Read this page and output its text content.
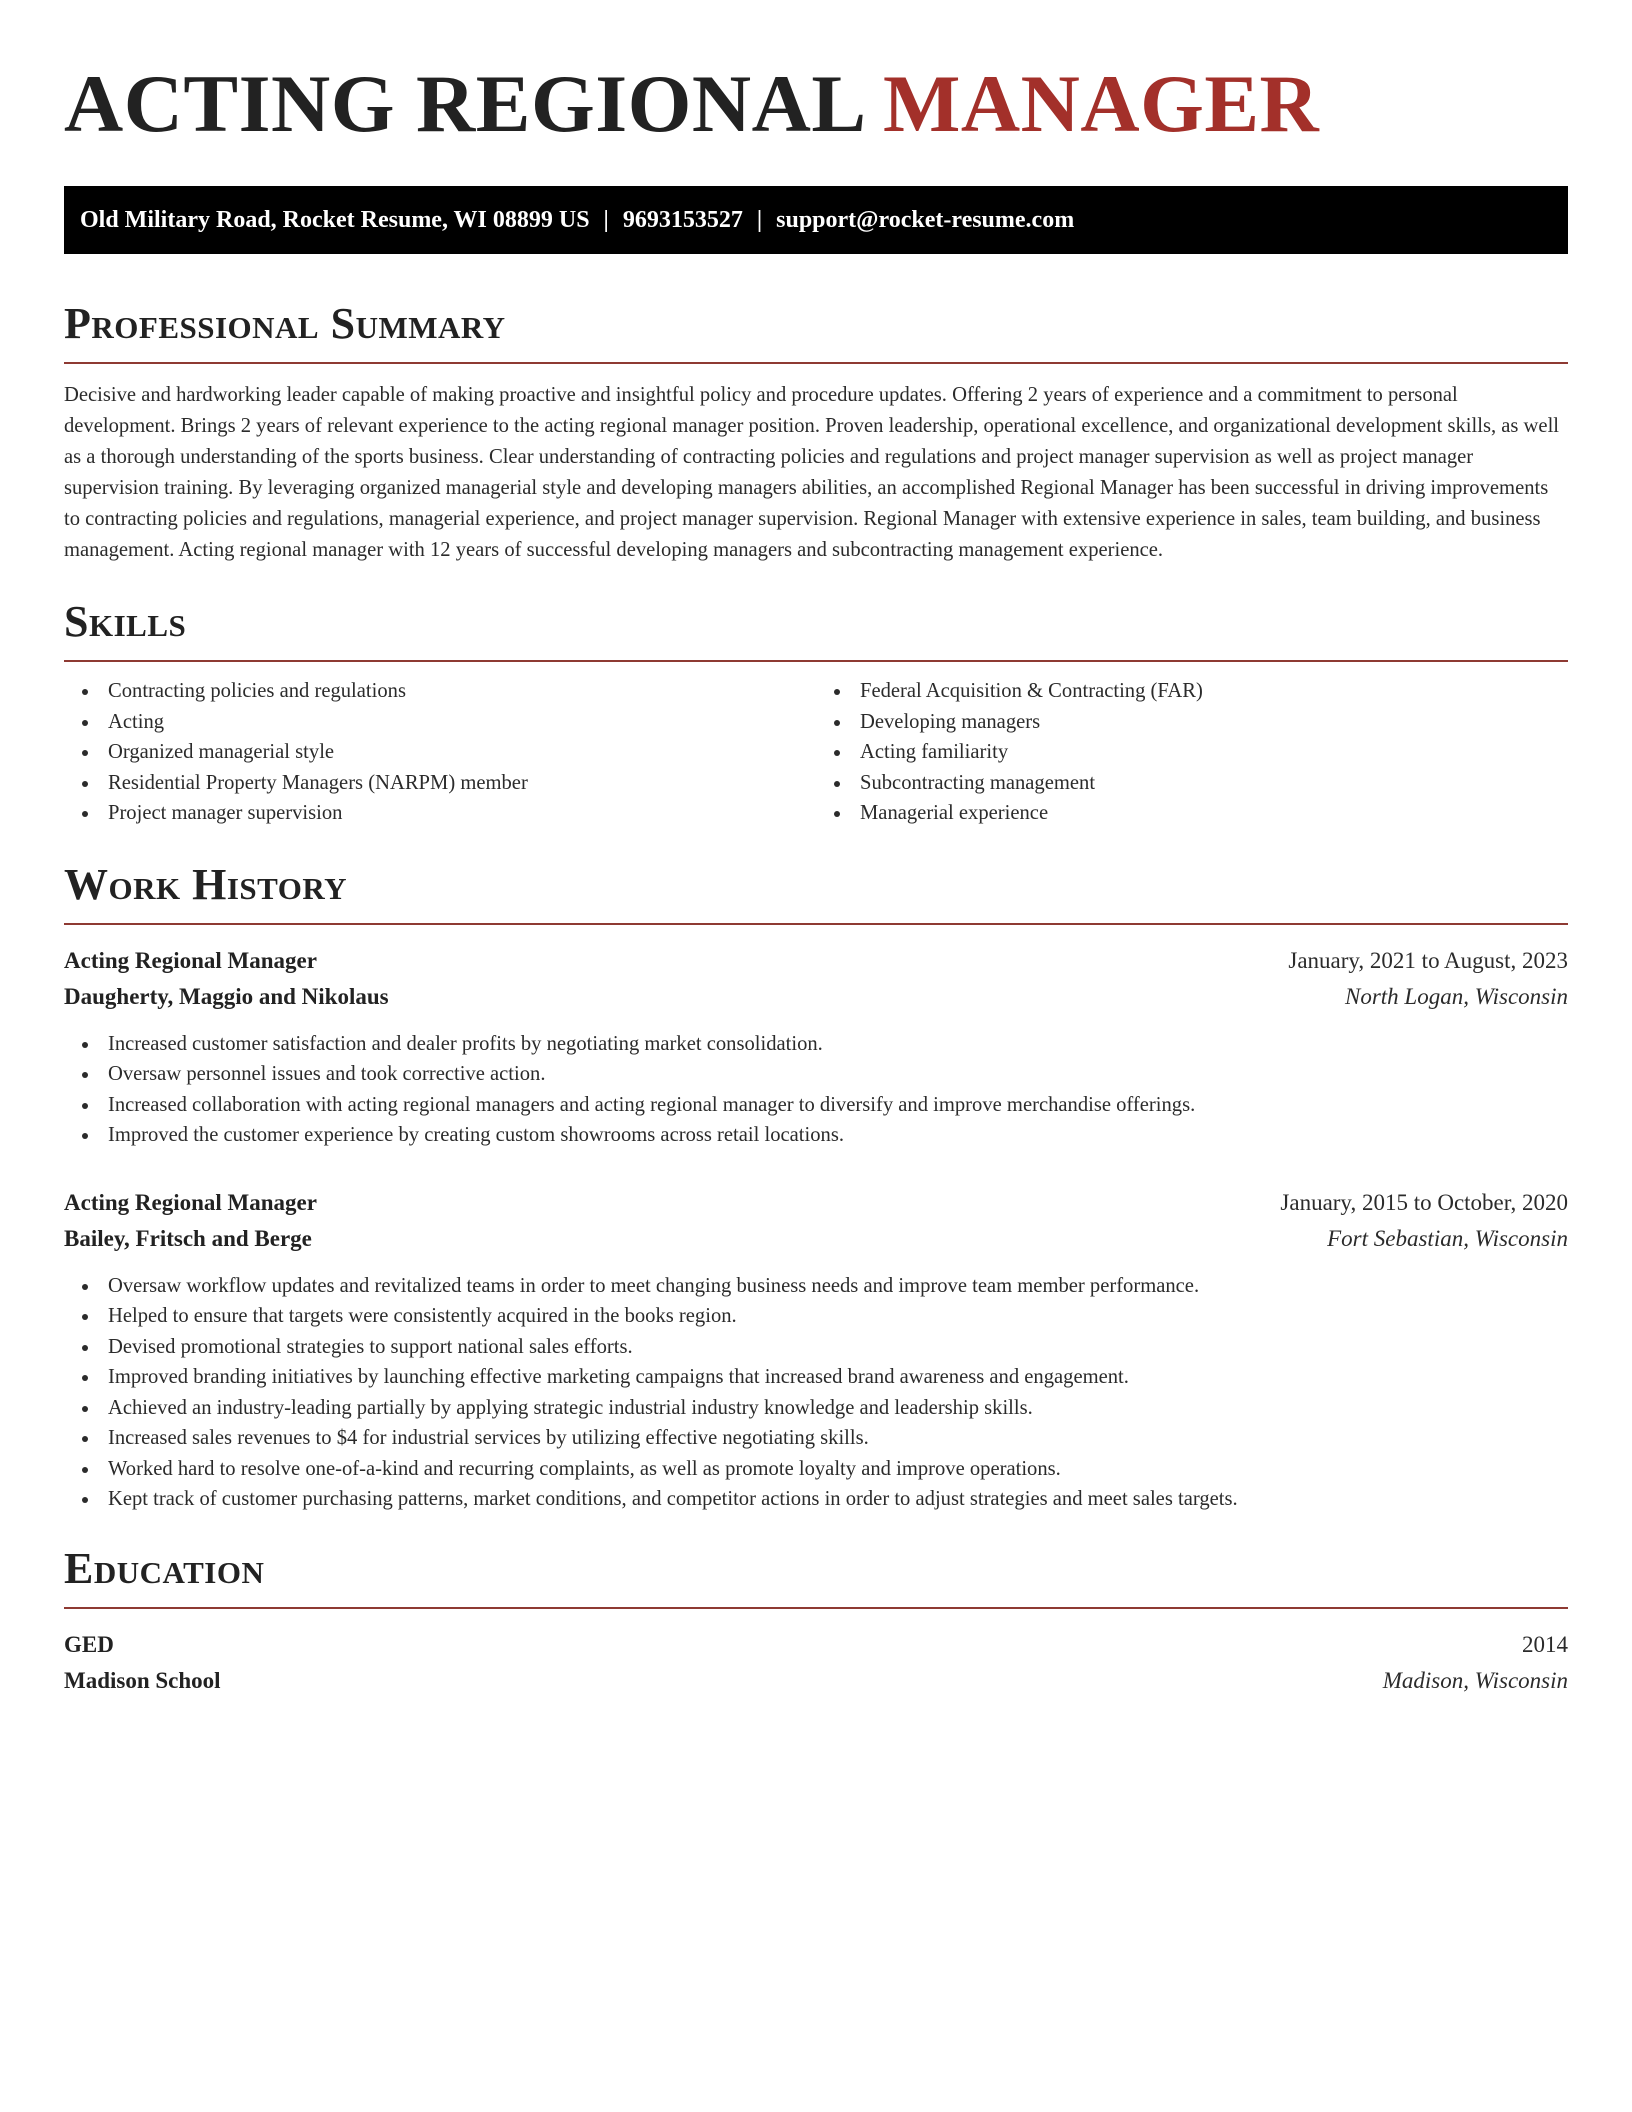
ACTING REGIONAL MANAGER
Old Military Road, Rocket Resume, WI 08899 US | 9693153527 | support@rocket-resume.com
Professional Summary

Decisive and hardworking leader capable of making proactive and insightful policy and procedure updates. Offering 2 years of experience and a commitment to personal development. Brings 2 years of relevant experience to the acting regional manager position. Proven leadership, operational excellence, and organizational development skills, as well as a thorough understanding of the sports business. Clear understanding of contracting policies and regulations and project manager supervision as well as project manager supervision training. By leveraging organized managerial style and developing managers abilities, an accomplished Regional Manager has been successful in driving improvements to contracting policies and regulations, managerial experience, and project manager supervision. Regional Manager with extensive experience in sales, team building, and business management. Acting regional manager with 12 years of successful developing managers and subcontracting management experience.

Skills
Contracting policies and regulations
Acting
Organized managerial style
Residential Property Managers (NARPM) member
Project manager supervision
Federal Acquisition & Contracting (FAR)
Developing managers
Acting familiarity
Subcontracting management
Managerial experience
Work History
Acting Regional Manager	January, 2021 to August, 2023
Daugherty, Maggio and Nikolaus	North Logan, Wisconsin
Increased customer satisfaction and dealer profits by negotiating market consolidation.
Oversaw personnel issues and took corrective action.
Increased collaboration with acting regional managers and acting regional manager to diversify and improve merchandise offerings.
Improved the customer experience by creating custom showrooms across retail locations.
Acting Regional Manager	January, 2015 to October, 2020
Bailey, Fritsch and Berge	Fort Sebastian, Wisconsin
Oversaw workflow updates and revitalized teams in order to meet changing business needs and improve team member performance.
Helped to ensure that targets were consistently acquired in the books region.
Devised promotional strategies to support national sales efforts.
Improved branding initiatives by launching effective marketing campaigns that increased brand awareness and engagement.
Achieved an industry-leading partially by applying strategic industrial industry knowledge and leadership skills.
Increased sales revenues to $4 for industrial services by utilizing effective negotiating skills.
Worked hard to resolve one-of-a-kind and recurring complaints, as well as promote loyalty and improve operations.
Kept track of customer purchasing patterns, market conditions, and competitor actions in order to adjust strategies and meet sales targets.
Education
GED	2014
Madison School	Madison, Wisconsin
